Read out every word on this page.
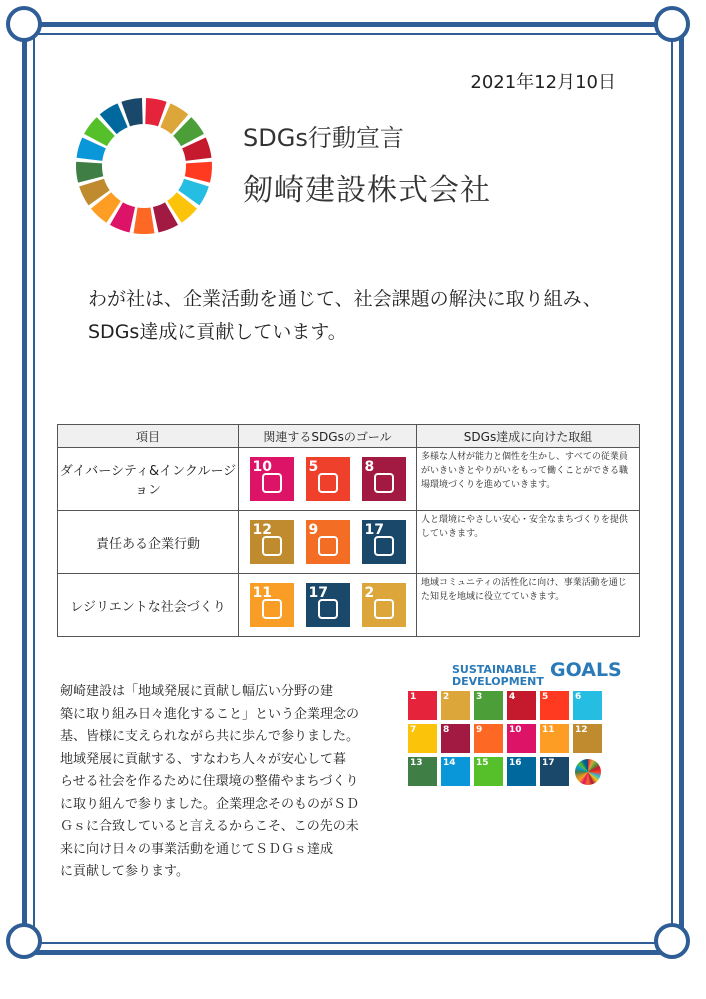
2021年12月10日
SDGs行動宣言
剱崎建設株式会社
わが社は、企業活動を通じて、社会課題の解決に取り組み、
SDGs達成に貢献しています。
項目	関連するSDGsのゴール	SDGs達成に向けた取組
ダイバーシティ&インクルージョン	10 5 8	多様な人材が能力と個性を生かし、すべての従業員がいきいきとやりがいをもって働くことができる職場環境づくりを進めていきます。
責任ある企業行動	12 9 17	人と環境にやさしい安心・安全なまちづくりを提供していきます。
レジリエントな社会づくり	11 17 2	地域コミュニティの活性化に向け、事業活動を通じた知見を地域に役立てていきます。
剱崎建設は「地域発展に貢献し幅広い分野の建
築に取り組み日々進化すること」という企業理念の
基、皆様に支えられながら共に歩んで参りました。
地域発展に貢献する、すなわち人々が安心して暮
らせる社会を作るために住環境の整備やまちづくり
に取り組んで参りました。企業理念そのものがＳＤ
Ｇｓに合致していると言えるからこそ、この先の未
来に向け日々の事業活動を通じてＳＤＧｓ達成
に貢献して参ります。
SUSTAINABLE
DEVELOPMENT
GOALS
1	2	3	4	5	6
7	8	9	10 11 12
13 14 15 16 17
